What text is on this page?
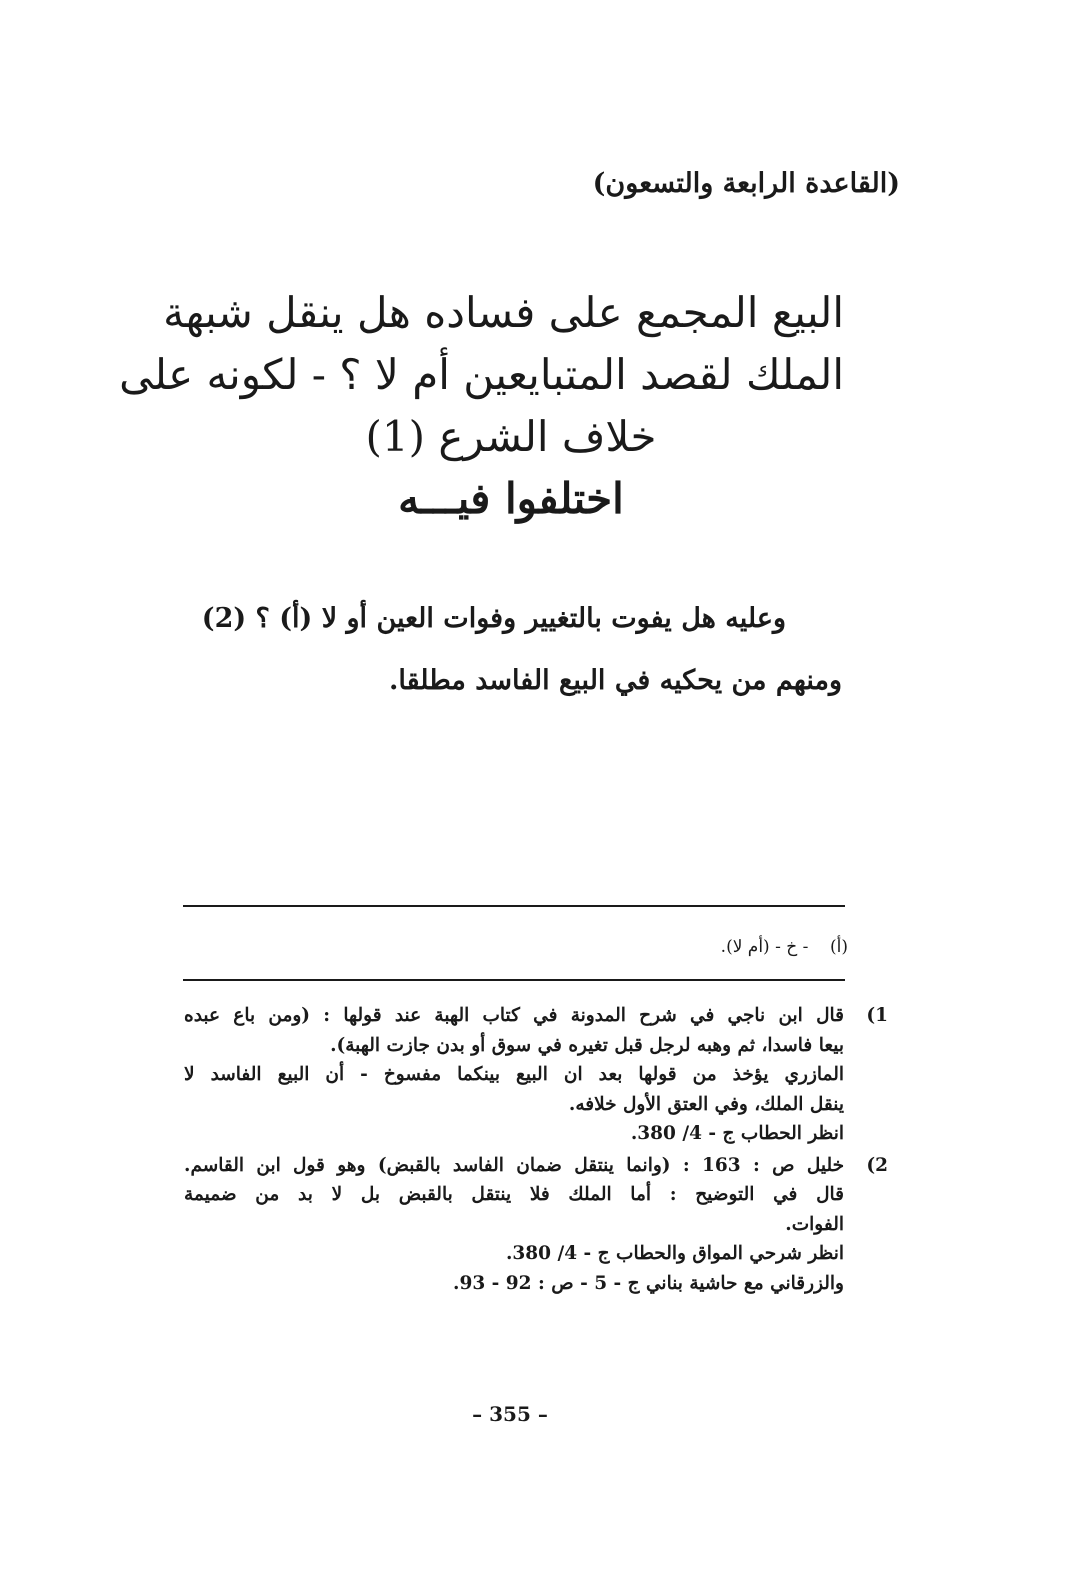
(القاعدة الرابعة والتسعون)
البيع المجمع على فساده هل ينقل شبهة
الملك لقصد المتبايعين أم لا ؟ - لكونه على
خلاف الشرع (1)
اختلفوا فيـــه
وعليه هل يفوت بالتغيير وفوات العين أو لا (أ) ؟ (2)
ومنهم من يحكيه في البيع الفاسد مطلقا.
(أ)    - خ - (أم لا).
(1
قال ابن ناجي في شرح المدونة في كتاب الهبة عند قولها : (ومن باع عبده
بيعا فاسدا، ثم وهبه لرجل قبل تغيره في سوق أو بدن جازت الهبة).
المازري يؤخذ من قولها بعد ان البيع بينكما مفسوخ - أن البيع الفاسد لا
ينقل الملك، وفي العتق الأول خلافه.
انظر الحطاب ج - 4/ 380.
(2
خليل ص : 163 : (وانما ينتقل ضمان الفاسد بالقبض) وهو قول ابن القاسم.
قال في التوضيح : أما الملك فلا ينتقل بالقبض بل لا بد من ضميمة
الفوات.
انظر شرحي المواق والحطاب ج - 4/ 380.
والزرقاني مع حاشية بناني ج - 5 - ص : 92 - 93.
– 355 –
